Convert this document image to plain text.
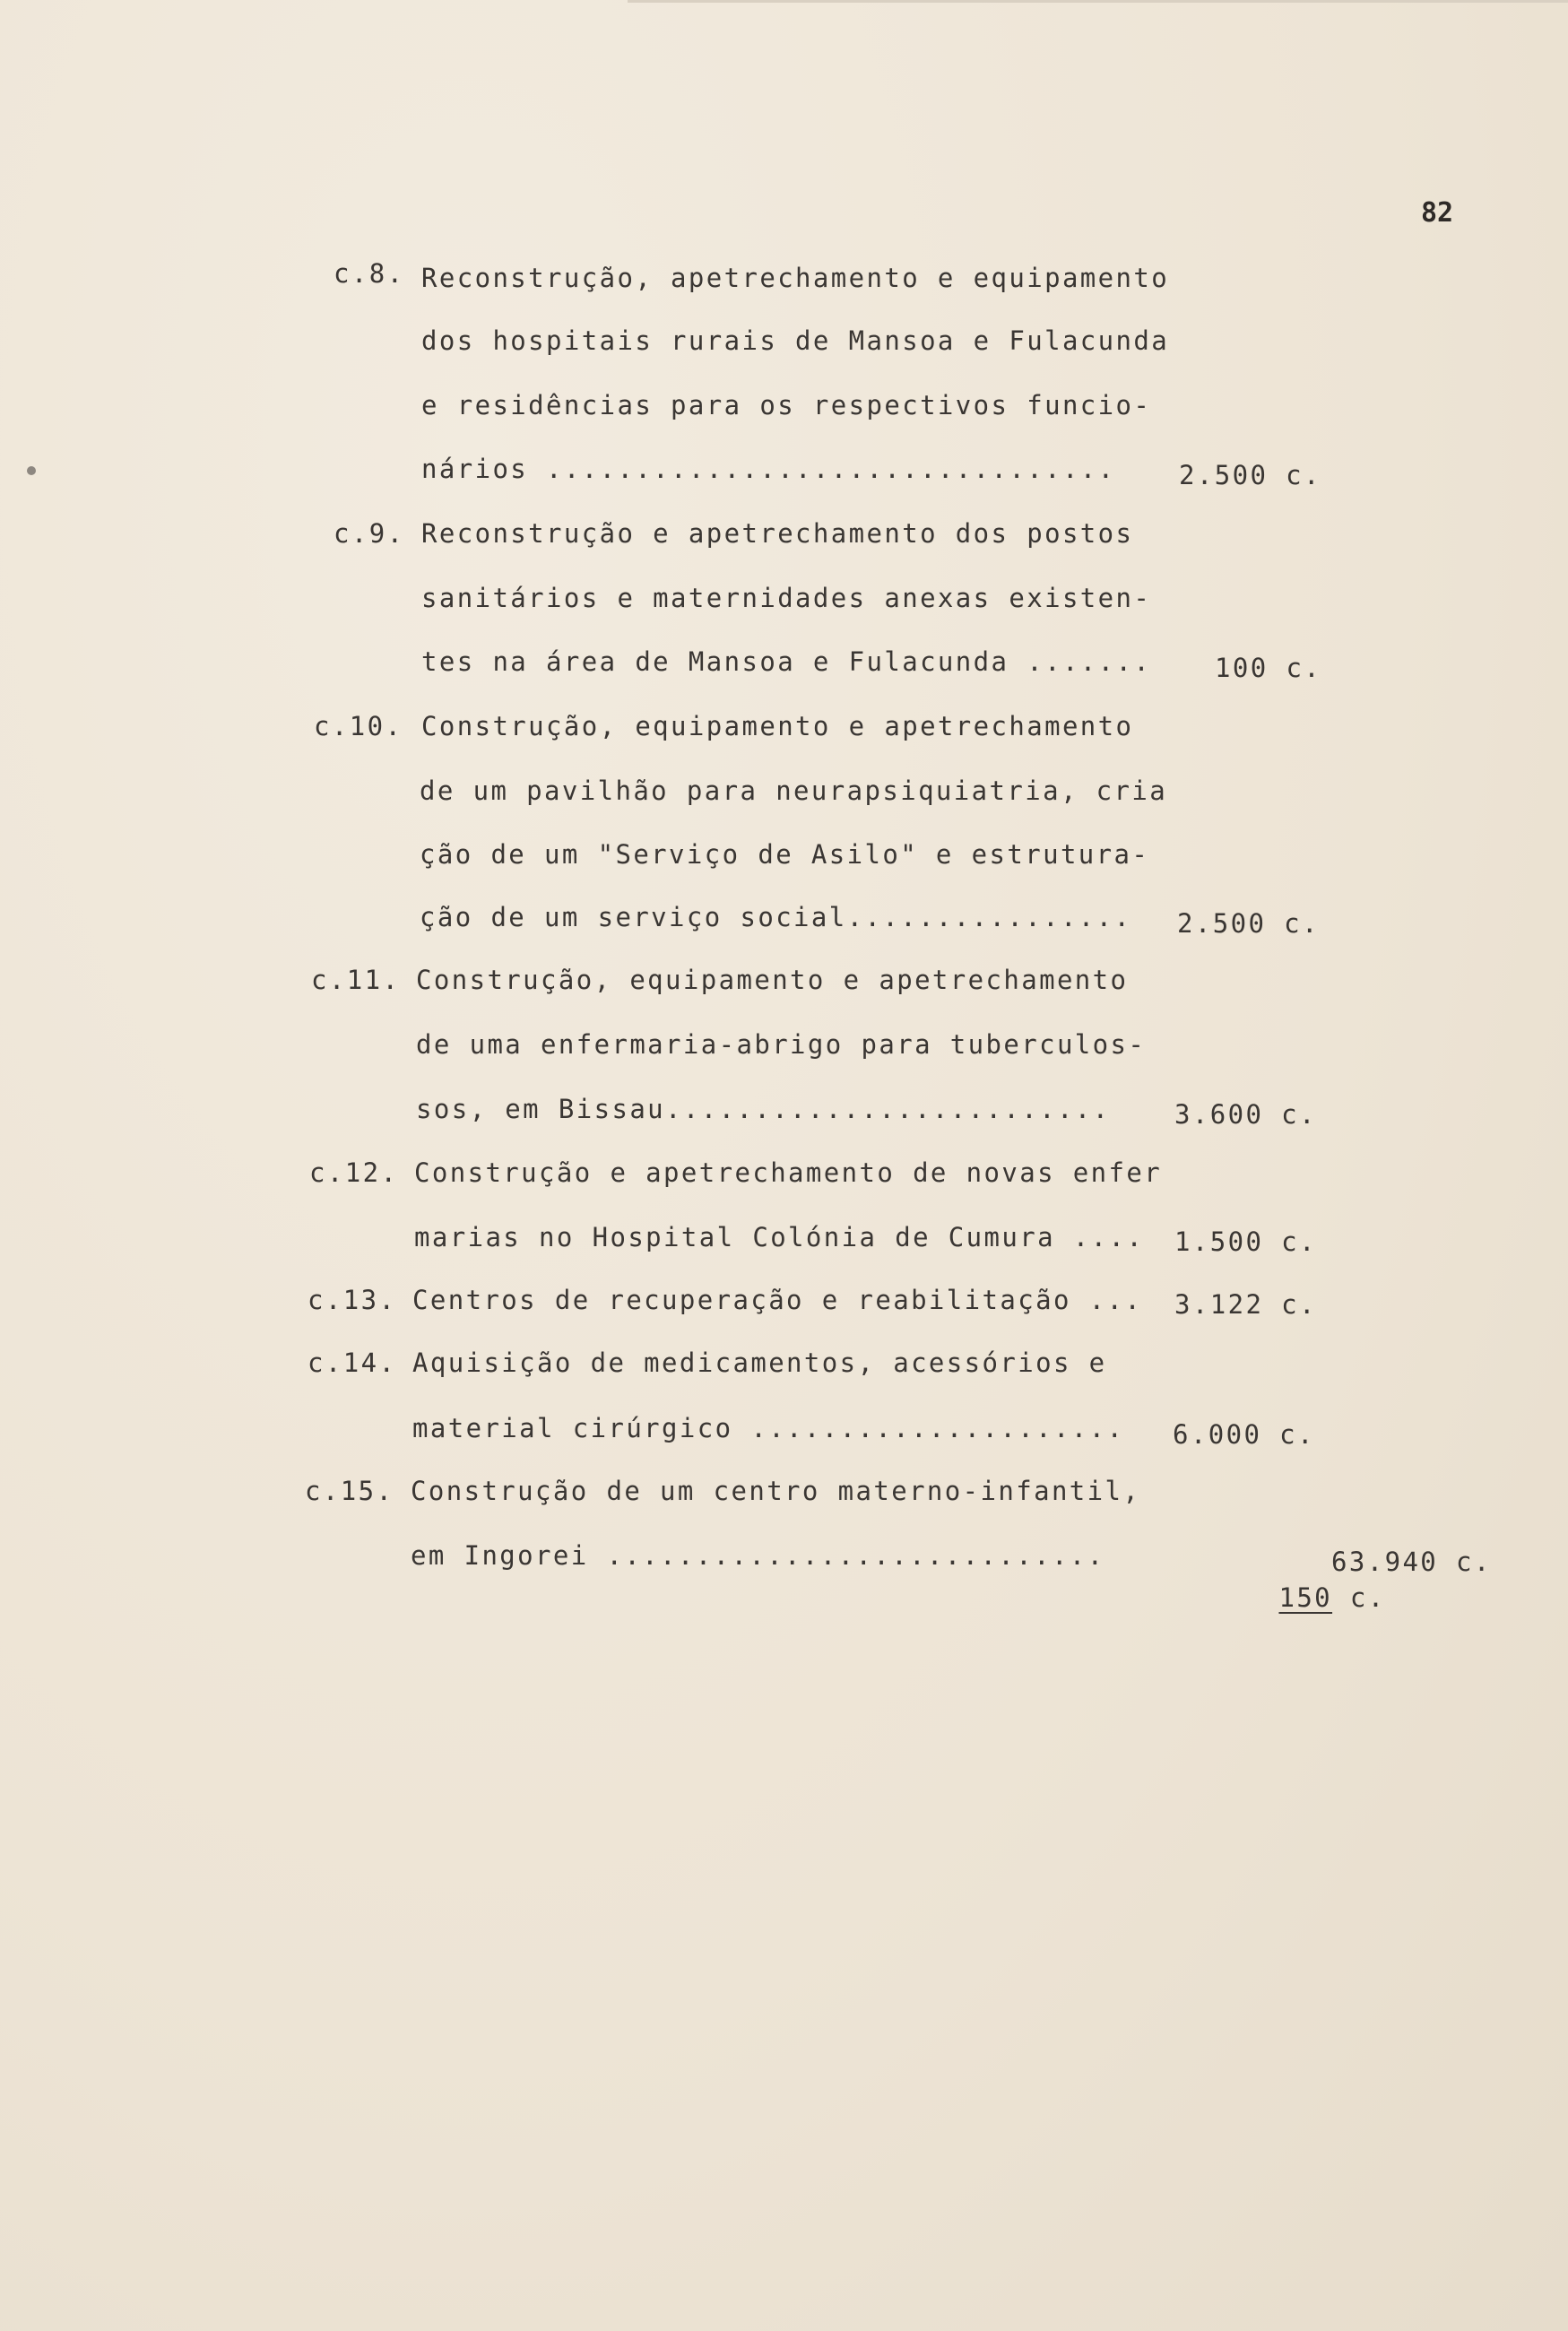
82
c.8. Reconstrução, apetrechamento e equipamento
dos hospitais rurais de Mansoa e Fulacunda
e residências para os respectivos funcio-
nários ................................ 2.500 c.
c.9. Reconstrução e apetrechamento dos postos
sanitários e maternidades anexas existen-
tes na área de Mansoa e Fulacunda ....... 100 c.
c.10. Construção, equipamento e apetrechamento
de um pavilhão para neurapsiquiatria, cria
ção de um "Serviço de Asilo" e estrutura-
ção de um serviço social................ 2.500 c.
c.11. Construção, equipamento e apetrechamento
de uma enfermaria-abrigo para tuberculos-
sos, em Bissau......................... 3.600 c.
c.12. Construção e apetrechamento de novas enfer
marias no Hospital Colónia de Cumura .... 1.500 c.
c.13. Centros de recuperação e reabilitação ... 3.122 c.
c.14. Aquisição de medicamentos, acessórios e
material cirúrgico ..................... 6.000 c.
c.15. Construção de um centro materno-infantil,
em Ingorei ............................

150 c.

63.940 c.
